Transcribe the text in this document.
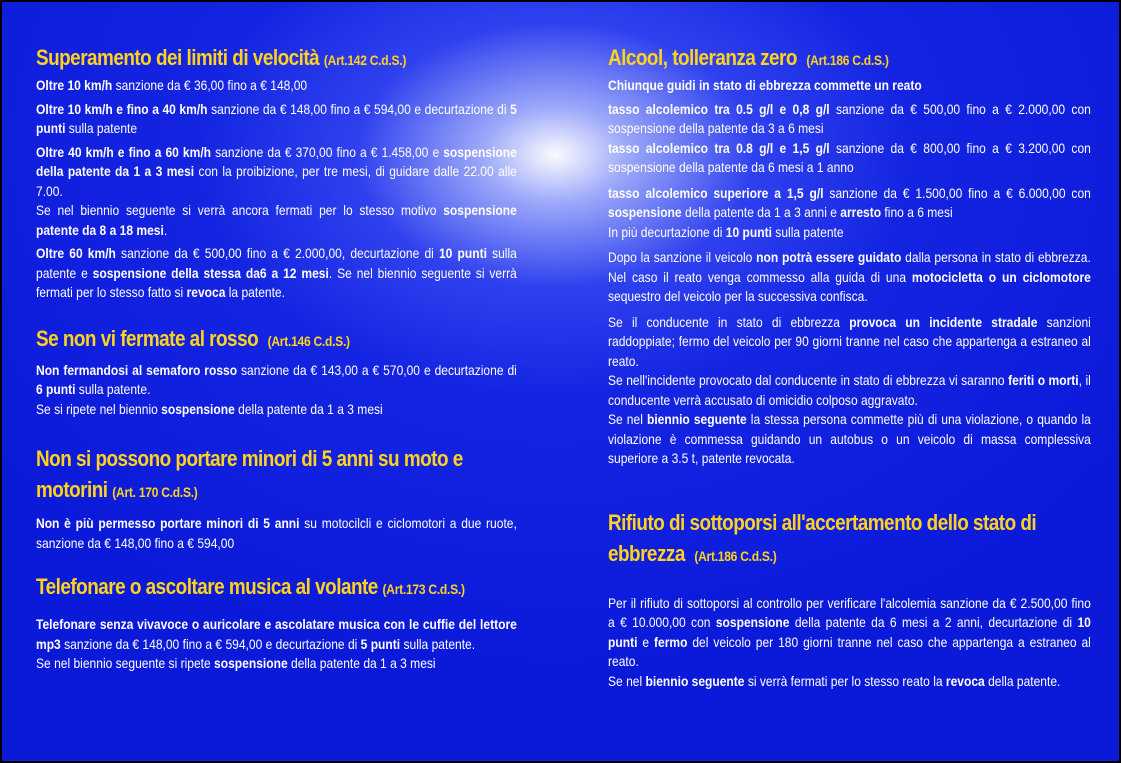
Superamento dei limiti di velocità (Art.142 C.d.S.)

Oltre 10 km/h sanzione da € 36,00 fino a € 148,00

Oltre 10 km/h e fino a 40 km/h sanzione da € 148,00 fino a € 594,00 e decurtazione di 5 punti sulla patente

Oltre 40 km/h e fino a 60 km/h sanzione da € 370,00 fino a € 1.458,00 e sospensione della patente da 1 a 3 mesi con la proibizione, per tre mesi, di guidare dalle 22.00 alle 7.00.
Se nel biennio seguente si verrà ancora fermati per lo stesso motivo sospensione patente da 8 a 18 mesi.

Oltre 60 km/h sanzione da € 500,00 fino a € 2.000,00, decurtazione di 10 punti sulla patente e sospensione della stessa da6 a 12 mesi. Se nel biennio seguente si verrà fermati per lo stesso fatto si revoca la patente.

Se non vi fermate al rosso (Art.146 C.d.S.)

Non fermandosi al semaforo rosso sanzione da € 143,00 a € 570,00 e decurtazione di 6 punti sulla patente.
Se si ripete nel biennio sospensione della patente da 1 a 3 mesi

Non si possono portare minori di 5 anni su moto e motorini (Art. 170 C.d.S.)

Non è più permesso portare minori di 5 anni su motocilcli e ciclomotori a due ruote, sanzione da € 148,00 fino a € 594,00

Telefonare o ascoltare musica al volante (Art.173 C.d.S.)

Telefonare senza vivavoce o auricolare e ascolatare musica con le cuffie del lettore mp3 sanzione da € 148,00 fino a € 594,00 e decurtazione di 5 punti sulla patente.
Se nel biennio seguente si ripete sospensione della patente da 1 a 3 mesi

Alcool, tolleranza zero (Art.186 C.d.S.)

Chiunque guidi in stato di ebbrezza commette un reato

tasso alcolemico tra 0.5 g/l e 0,8 g/l sanzione da € 500,00 fino a € 2.000,00 con sospensione della patente da 3 a 6 mesi

tasso alcolemico tra 0.8 g/l e 1,5 g/l sanzione da € 800,00 fino a € 3.200,00 con sospensione della patente da 6 mesi a 1 anno

tasso alcolemico superiore a 1,5 g/l sanzione da € 1.500,00 fino a € 6.000,00 con sospensione della patente da 1 a 3 anni e arresto fino a 6 mesi

In più decurtazione di 10 punti sulla patente

Dopo la sanzione il veicolo non potrà essere guidato dalla persona in stato di ebbrezza. Nel caso il reato venga commesso alla guida di una motocicletta o un ciclomotore sequestro del veicolo per la successiva confisca.

Se il conducente in stato di ebbrezza provoca un incidente stradale sanzioni raddoppiate; fermo del veicolo per 90 giorni tranne nel caso che appartenga a estraneo al reato.
Se nell'incidente provocato dal conducente in stato di ebbrezza vi saranno feriti o morti, il conducente verrà accusato di omicidio colposo aggravato.
Se nel biennio seguente la stessa persona commette più di una violazione, o quando la violazione è commessa guidando un autobus o un veicolo di massa complessiva superiore a 3.5 t, patente revocata.

Rifiuto di sottoporsi all'accertamento dello stato di ebbrezza (Art.186 C.d.S.)

Per il rifiuto di sottoporsi al controllo per verificare l'alcolemia sanzione da € 2.500,00 fino a € 10.000,00 con sospensione della patente da 6 mesi a 2 anni, decurtazione di 10 punti e fermo del veicolo per 180 giorni tranne nel caso che appartenga a estraneo al reato.
Se nel biennio seguente si verrà fermati per lo stesso reato la revoca della patente.
